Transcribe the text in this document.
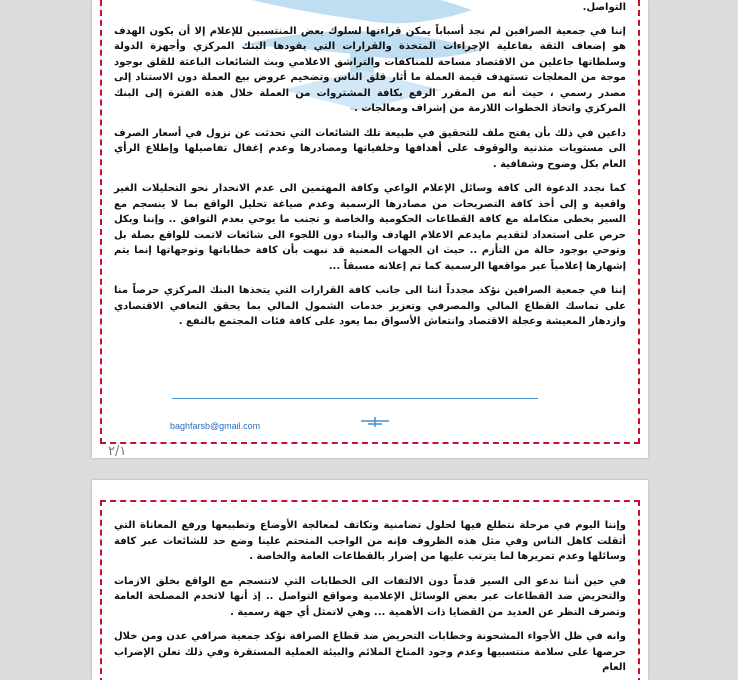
التواصل.

إننا في جمعية الصرافين لم نجد أسباباً يمكن قراءتها لسلوك بعض المنتسبين للإعلام إلا أن يكون الهدف هو إضعاف الثقة بفاعلية الإجراءات المتخذة والقرارات التي يقودها البنك المركزي وأجهزة الدولة وسلطاتها جاعلين من الاقتصاد مساحة للمناكفات والتراشق الاعلامي وبث الشائعات الباعثة للقلق بوجود موجة من المعلجات تستهدف قيمة العملة ما أثار قلق الناس وتضخيم عروض بيع العملة دون الاستناد إلى مصدر رسمي ، حيث أنه من المقرر الرفع بكافة المشتروات من العملة خلال هذه الفترة إلى البنك المركزي واتخاذ الخطوات اللازمة من إشراف ومعالجات .

داعين في ذلك بأن يفتح ملف للتحقيق في طبيعة تلك الشائعات التي تحدثت عن نزول في أسعار الصرف الى مستويات متدنية والوقوف على أهدافها وخلفياتها ومصادرها وعدم إغفال تفاصيلها وإطلاع الرأي العام بكل وضوح وشفافية .

كما نجدد الدعوة الى كافة وسائل الإعلام الواعي وكافة المهتمين الى عدم الانحدار نحو التحليلات الغير واقعية و إلى أخذ كافة التصريحات من مصادرها الرسمية وعدم صياغة تحليل الواقع بما لا ينسجم مع السير بخطى متكاملة مع كافة القطاعات الحكومية والخاصة و تجنب ما يوحي بعدم التوافق .. وإننا وبكل حرص على استعداد لتقديم مايدعم الاعلام الهادف والبناء دون اللجوء الى شائعات لاتمت للواقع بصلة بل وتوحي بوجود حالة من التأزم .. حيث ان الجهات المعنية قد نبهت بأن كافة خطاباتها وتوجهاتها إنما يتم إشهارها إعلامياً عبر مواقعها الرسمية كما تم إعلانه مسبقاً ...

إننا في جمعية الصرافين نؤكد مجدداً اننا الى جانب كافة القرارات التي يتخذها البنك المركزي حرصاً منا على تماسك القطاع المالي والمصرفي وتعزيز خدمات الشمول المالي بما يحقق التعافي الاقتصادي وازدهار المعيشة وعجلة الاقتصاد وانتعاش الأسواق بما يعود على كافة فئات المجتمع بالنفع .

baghfarsb@gmail.com
٢/١

وإننا اليوم في مرحلة نتطلع فيها لحلول تضامنية وتكاتف لمعالجة الأوضاع وتطبيعها ورفع المعاناة التي أثقلت كاهل الناس وفي مثل هذه الظروف فإنه من الواجب المتحتم علينا وضع حد للشائعات عبر كافة وسائلها وعدم تمريرها لما يترتب عليها من إضرار بالقطاعات العامة والخاصة .

في حين أننا ندعو الى السير قدماً دون الالتفات الى الخطابات التي لاتنسجم مع الواقع بخلق الازمات والتحريض ضد القطاعات عبر بعض الوسائل الإعلامية ومواقع التواصل .. إذ أنها لاتخدم المصلحة العامة وتصرف النظر عن العديد من القضايا ذات الأهمية ... وهي لاتمثل أي جهة رسمية .

وانه في ظل الأجواء المشحونة وخطابات التحريض ضد قطاع الصرافة نؤكد جمعية صرافي عدن ومن خلال حرصها على سلامة منتسبيها وعدم وجود المناخ الملائم والبيئة العملية المستقرة وفي ذلك تعلن الإضراب العام
